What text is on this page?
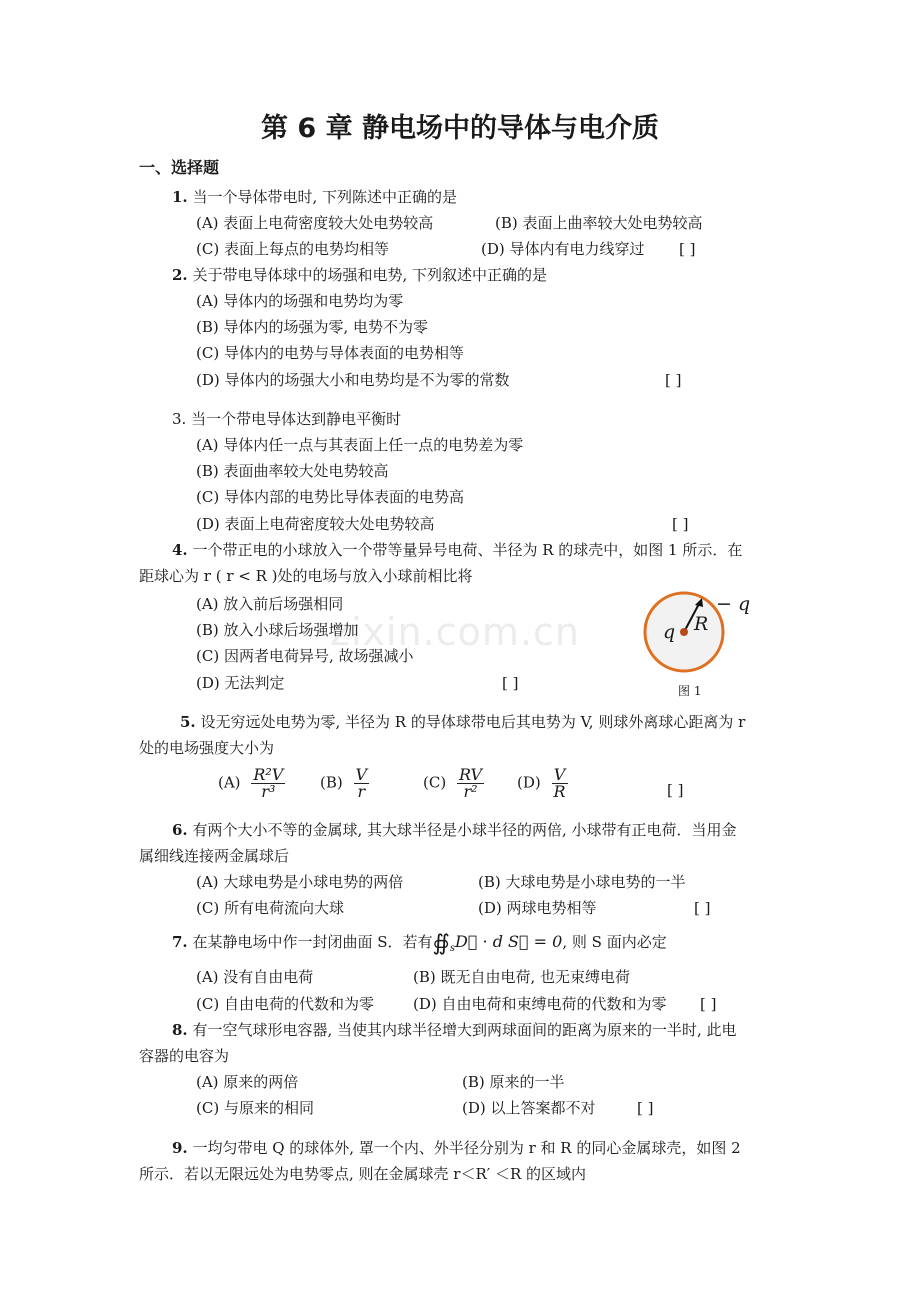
第 6 章 静电场中的导体与电介质
一、选择题
zixin.com.cn
1. 当一个导体带电时, 下列陈述中正确的是
(A) 表面上电荷密度较大处电势较高	(B) 表面上曲率较大处电势较高
(C) 表面上每点的电势均相等	(D) 导体内有电力线穿过 [ ]
2. 关于带电导体球中的场强和电势, 下列叙述中正确的是
(A) 导体内的场强和电势均为零
(B) 导体内的场强为零, 电势不为零
(C) 导体内的电势与导体表面的电势相等
(D) 导体内的场强大小和电势均是不为零的常数	[ ]
3. 当一个带电导体达到静电平衡时
(A) 导体内任一点与其表面上任一点的电势差为零
(B) 表面曲率较大处电势较高
(C) 导体内部的电势比导体表面的电势高
(D) 表面上电荷密度较大处电势较高	[ ]
4. 一个带正电的小球放入一个带等量异号电荷、半径为 R 的球壳中，如图 1 所示．在
距球心为 r ( r < R )处的电场与放入小球前相比将
(A) 放入前后场强相同
(B) 放入小球后场强增加
(C) 因两者电荷异号, 故场强减小
(D) 无法判定	[ ]
− q
q R
图 1
5. 设无穷远处电势为零, 半径为 R 的导体球带电后其电势为 V, 则球外离球心距离为 r
处的电场强度大小为
$(A) \frac{\text{R²V}}{\text{r³}} (B) \frac{V}{r}$	$(C) \frac{RV}{\text{r²}} (D) \frac{V}{R}$	[ ]
6. 有两个大小不等的金属球, 其大球半径是小球半径的两倍, 小球带有正电荷．当用金
属细线连接两金属球后
(A) 大球电势是小球电势的两倍	(B) 大球电势是小球电势的一半
(C) 所有电荷流向大球	(D) 两球电势相等	[ ]
7. 在某静电场中作一封闭曲面 S．若有$∯_sD⃗ \cdot d$ S⃗ = 0, 则 S 面内必定
(A) 没有自由电荷	(B) 既无自由电荷, 也无束缚电荷
(C) 自由电荷的代数和为零	(D) 自由电荷和束缚电荷的代数和为零 [ ]
8. 有一空气球形电容器, 当使其内球半径增大到两球面间的距离为原来的一半时, 此电
容器的电容为
(A) 原来的两倍	(B) 原来的一半
(C) 与原来的相同	(D) 以上答案都不对	[ ]
9. 一均匀带电 Q 的球体外, 罩一个内、外半径分别为 r 和 R 的同心金属球壳，如图 2
所示．若以无限远处为电势零点, 则在金属球壳 r＜R′ ＜R 的区域内
